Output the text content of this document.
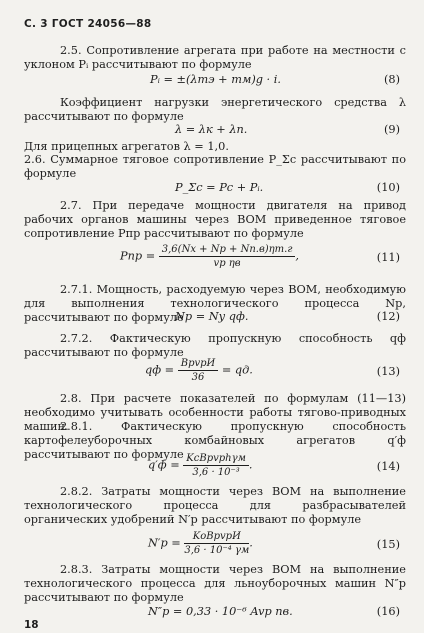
С. 3 ГОСТ 24056—88
2.5. Сопротивление агрегата при работе на местности с уклоном Pᵢ рассчитывают по формуле
Pᵢ = ±(λmэ + mм)g · i.	(8)
Коэффициент нагрузки энергетического средства λ рассчитывают по формуле
λ = λк + λп.	(9)
Для прицепных агрегатов λ = 1,0.
2.6. Суммарное тяговое сопротивление P_Σc рассчитывают по формуле
P_Σc = Pc + Pᵢ.	(10)
2.7. При передаче мощности двигателя на привод рабочих органов машины через ВОМ приведенное тяговое сопротивление Pпр рассчитывают по формуле
Pпр = $\frac{3,6(Nх + Nр + Nп.в)\eta т.г}{\text{vр ηв}}$ ,	(11)
2.7.1. Мощность, расходуемую через ВОМ, необходимую для выполнения технологического процесса Nр, рассчитывают по формуле
Nр = Nу qф.	(12)
2.7.2. Фактическую пропускную способность qф рассчитывают по формуле
qф = $\frac{\text{BрvрИ}}{36}$ = qд.	(13)
2.8. При расчете показателей по формулам (11—13) необходимо учитывать особенности работы тягово-приводных машин.
2.8.1. Фактическую пропускную способность картофелеуборочных комбайновых агрегатов q′ф рассчитывают по формуле
$q'ф = \frac{\text{KсBрvрhγм}}{\text{3,6 · 10⁻³}}$ .	(14)
2.8.2. Затраты мощности через ВОМ на выполнение технологического процесса для разбрасывателей органических удобрений N′р рассчитывают по формуле
$N'р = \frac{\text{KоBрvрИ}}{\text{3,6 · 10⁻⁴ γм}}$ .	(15)
2.8.3. Затраты мощности через ВОМ на выполнение технологического процесса для льноуборочных машин N″р рассчитывают по формуле
N″р = 0,33 · 10⁻⁶ Avр nв.	(16)
18
